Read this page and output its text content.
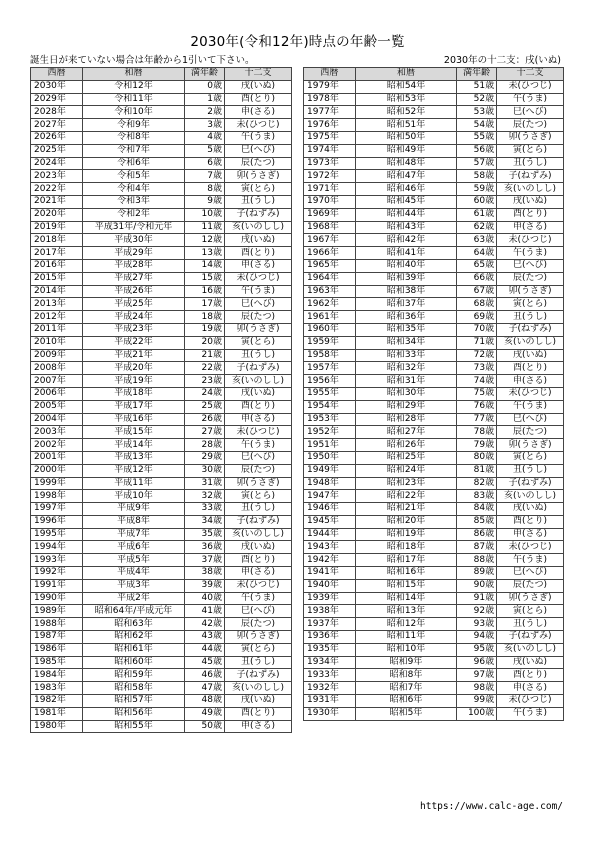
2030年(令和12年)時点の年齢一覧
誕生日が来ていない場合は年齢から1引いて下さい。	2030年の十二支：戌(いぬ)
西暦	和暦	満年齢	十二支
2030年	令和12年	0歳	戌(いぬ)
2029年	令和11年	1歳	酉(とり)
2028年	令和10年	2歳	申(さる)
2027年	令和9年	3歳	未(ひつじ)
2026年	令和8年	4歳	午(うま)
2025年	令和7年	5歳	巳(へび)
2024年	令和6年	6歳	辰(たつ)
2023年	令和5年	7歳	卯(うさぎ)
2022年	令和4年	8歳	寅(とら)
2021年	令和3年	9歳	丑(うし)
2020年	令和2年	10歳	子(ねずみ)
2019年	平成31年/令和元年	11歳	亥(いのしし)
2018年	平成30年	12歳	戌(いぬ)
2017年	平成29年	13歳	酉(とり)
2016年	平成28年	14歳	申(さる)
2015年	平成27年	15歳	未(ひつじ)
2014年	平成26年	16歳	午(うま)
2013年	平成25年	17歳	巳(へび)
2012年	平成24年	18歳	辰(たつ)
2011年	平成23年	19歳	卯(うさぎ)
2010年	平成22年	20歳	寅(とら)
2009年	平成21年	21歳	丑(うし)
2008年	平成20年	22歳	子(ねずみ)
2007年	平成19年	23歳	亥(いのしし)
2006年	平成18年	24歳	戌(いぬ)
2005年	平成17年	25歳	酉(とり)
2004年	平成16年	26歳	申(さる)
2003年	平成15年	27歳	未(ひつじ)
2002年	平成14年	28歳	午(うま)
2001年	平成13年	29歳	巳(へび)
2000年	平成12年	30歳	辰(たつ)
1999年	平成11年	31歳	卯(うさぎ)
1998年	平成10年	32歳	寅(とら)
1997年	平成9年	33歳	丑(うし)
1996年	平成8年	34歳	子(ねずみ)
1995年	平成7年	35歳	亥(いのしし)
1994年	平成6年	36歳	戌(いぬ)
1993年	平成5年	37歳	酉(とり)
1992年	平成4年	38歳	申(さる)
1991年	平成3年	39歳	未(ひつじ)
1990年	平成2年	40歳	午(うま)
1989年	昭和64年/平成元年	41歳	巳(へび)
1988年	昭和63年	42歳	辰(たつ)
1987年	昭和62年	43歳	卯(うさぎ)
1986年	昭和61年	44歳	寅(とら)
1985年	昭和60年	45歳	丑(うし)
1984年	昭和59年	46歳	子(ねずみ)
1983年	昭和58年	47歳	亥(いのしし)
1982年	昭和57年	48歳	戌(いぬ)
1981年	昭和56年	49歳	酉(とり)
1980年	昭和55年	50歳	申(さる)
西暦	和暦	満年齢	十二支
1979年	昭和54年	51歳	未(ひつじ)
1978年	昭和53年	52歳	午(うま)
1977年	昭和52年	53歳	巳(へび)
1976年	昭和51年	54歳	辰(たつ)
1975年	昭和50年	55歳	卯(うさぎ)
1974年	昭和49年	56歳	寅(とら)
1973年	昭和48年	57歳	丑(うし)
1972年	昭和47年	58歳	子(ねずみ)
1971年	昭和46年	59歳	亥(いのしし)
1970年	昭和45年	60歳	戌(いぬ)
1969年	昭和44年	61歳	酉(とり)
1968年	昭和43年	62歳	申(さる)
1967年	昭和42年	63歳	未(ひつじ)
1966年	昭和41年	64歳	午(うま)
1965年	昭和40年	65歳	巳(へび)
1964年	昭和39年	66歳	辰(たつ)
1963年	昭和38年	67歳	卯(うさぎ)
1962年	昭和37年	68歳	寅(とら)
1961年	昭和36年	69歳	丑(うし)
1960年	昭和35年	70歳	子(ねずみ)
1959年	昭和34年	71歳	亥(いのしし)
1958年	昭和33年	72歳	戌(いぬ)
1957年	昭和32年	73歳	酉(とり)
1956年	昭和31年	74歳	申(さる)
1955年	昭和30年	75歳	未(ひつじ)
1954年	昭和29年	76歳	午(うま)
1953年	昭和28年	77歳	巳(へび)
1952年	昭和27年	78歳	辰(たつ)
1951年	昭和26年	79歳	卯(うさぎ)
1950年	昭和25年	80歳	寅(とら)
1949年	昭和24年	81歳	丑(うし)
1948年	昭和23年	82歳	子(ねずみ)
1947年	昭和22年	83歳	亥(いのしし)
1946年	昭和21年	84歳	戌(いぬ)
1945年	昭和20年	85歳	酉(とり)
1944年	昭和19年	86歳	申(さる)
1943年	昭和18年	87歳	未(ひつじ)
1942年	昭和17年	88歳	午(うま)
1941年	昭和16年	89歳	巳(へび)
1940年	昭和15年	90歳	辰(たつ)
1939年	昭和14年	91歳	卯(うさぎ)
1938年	昭和13年	92歳	寅(とら)
1937年	昭和12年	93歳	丑(うし)
1936年	昭和11年	94歳	子(ねずみ)
1935年	昭和10年	95歳	亥(いのしし)
1934年	昭和9年	96歳	戌(いぬ)
1933年	昭和8年	97歳	酉(とり)
1932年	昭和7年	98歳	申(さる)
1931年	昭和6年	99歳	未(ひつじ)
1930年	昭和5年	100歳	午(うま)
https://www.calc-age.com/
